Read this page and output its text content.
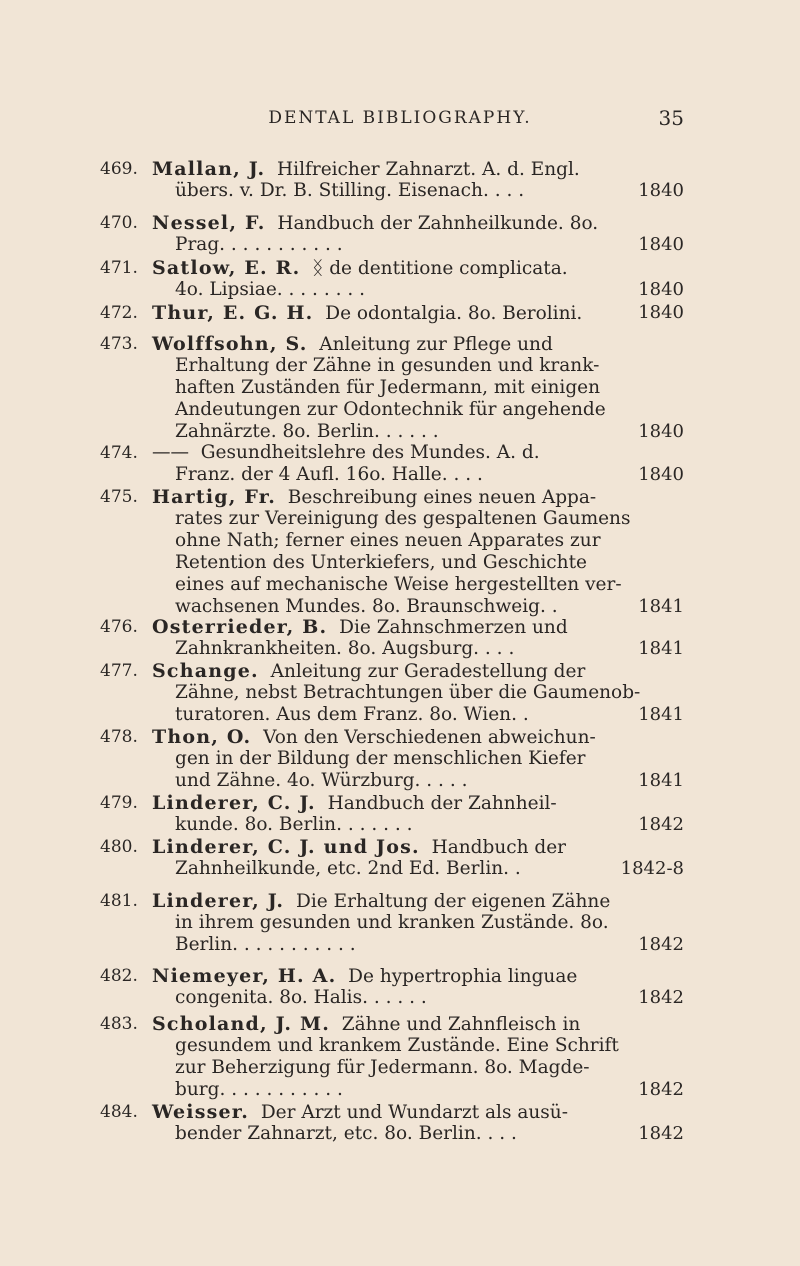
DENTAL BIBLIOGRAPHY.	35
469. Mallan, J. Hilfreicher Zahnarzt. A. d. Engl.
übers. v. Dr. B. Stilling. Eisenach. . . .	1840
470. Nessel, F. Handbuch der Zahnheilkunde. 8o.
Prag. . . . . . . . . . .	1840
471. Satlow, E. R. ᛝ de dentitione complicata.
4o. Lipsiae. . . . . . . .	1840
472. Thur, E. G. H. De odontalgia. 8o. Berolini.	1840
473. Wolffsohn, S. Anleitung zur Pflege und
Erhaltung der Zähne in gesunden und krank-
haften Zuständen für Jedermann, mit einigen
Andeutungen zur Odontechnik für angehende
Zahnärzte. 8o. Berlin. . . . . .	1840
474. —— Gesundheitslehre des Mundes. A. d.
Franz. der 4 Aufl. 16o. Halle. . . .	1840
475. Hartig, Fr. Beschreibung eines neuen Appa-
rates zur Vereinigung des gespaltenen Gaumens
ohne Nath; ferner eines neuen Apparates zur
Retention des Unterkiefers, und Geschichte
eines auf mechanische Weise hergestellten ver-
wachsenen Mundes. 8o. Braunschweig. .	1841
476. Osterrieder, B. Die Zahnschmerzen und
Zahnkrankheiten. 8o. Augsburg. . . .	1841
477. Schange. Anleitung zur Geradestellung der
Zähne, nebst Betrachtungen über die Gaumenob-
turatoren. Aus dem Franz. 8o. Wien. .	1841
478. Thon, O. Von den Verschiedenen abweichun-
gen in der Bildung der menschlichen Kiefer
und Zähne. 4o. Würzburg. . . . .	1841
479. Linderer, C. J. Handbuch der Zahnheil-
kunde. 8o. Berlin. . . . . . .	1842
480. Linderer, C. J. und Jos. Handbuch der
Zahnheilkunde, etc. 2nd Ed. Berlin. .	1842-8
481. Linderer, J. Die Erhaltung der eigenen Zähne
in ihrem gesunden und kranken Zustände. 8o.
Berlin. . . . . . . . . . .	1842
482. Niemeyer, H. A. De hypertrophia linguae
congenita. 8o. Halis. . . . . .	1842
483. Scholand, J. M. Zähne und Zahnfleisch in
gesundem und krankem Zustände. Eine Schrift
zur Beherzigung für Jedermann. 8o. Magde-
burg. . . . . . . . . . .	1842
484. Weisser. Der Arzt und Wundarzt als ausü-
bender Zahnarzt, etc. 8o. Berlin. . . .	1842
